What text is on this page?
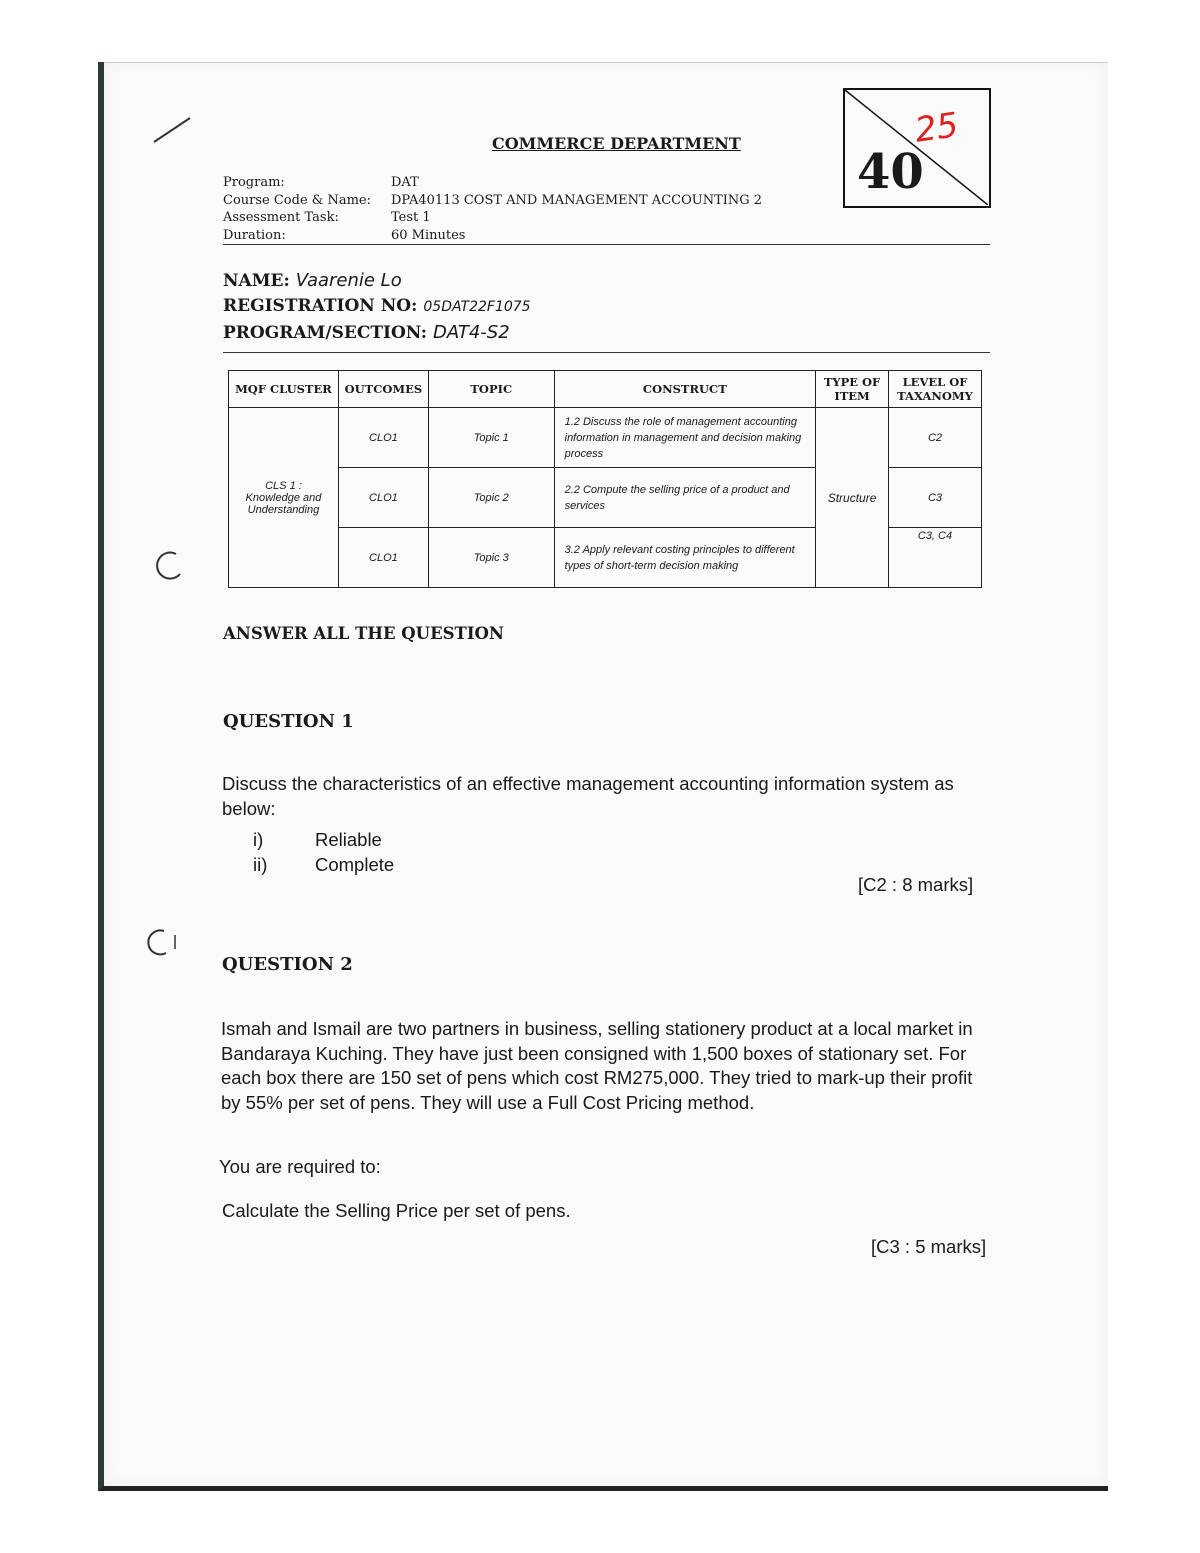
COMMERCE DEPARTMENT
Program:	DAT
Course Code & Name:	DPA40113 COST AND MANAGEMENT ACCOUNTING 2
Assessment Task:	Test 1
Duration:	60 Minutes
40
25
NAME: Vaarenie Lo
REGISTRATION NO: 05DAT22F1075
PROGRAM/SECTION: DAT4-S2
MQF CLUSTER	OUTCOMES	TOPIC	CONSTRUCT	TYPE OF ITEM	LEVEL OF TAXANOMY
CLS 1 : Knowledge and Understanding	CLO1	Topic 1	1.2 Discuss the role of management accounting information in management and decision making process	Structure	C2
	CLO1	Topic 2	2.2 Compute the selling price of a product and services		C3
	CLO1	Topic 3	3.2 Apply relevant costing principles to different types of short-term decision making		C3, C4
ANSWER ALL THE QUESTION
QUESTION 1
Discuss the characteristics of an effective management accounting information system as below:
i)	Reliable
ii)	Complete
[C2 : 8 marks]
QUESTION 2
Ismah and Ismail are two partners in business, selling stationery product at a local market in Bandaraya Kuching. They have just been consigned with 1,500 boxes of stationary set. For each box there are 150 set of pens which cost RM275,000. They tried to mark-up their profit by 55% per set of pens. They will use a Full Cost Pricing method.
You are required to:
Calculate the Selling Price per set of pens.
[C3 : 5 marks]
